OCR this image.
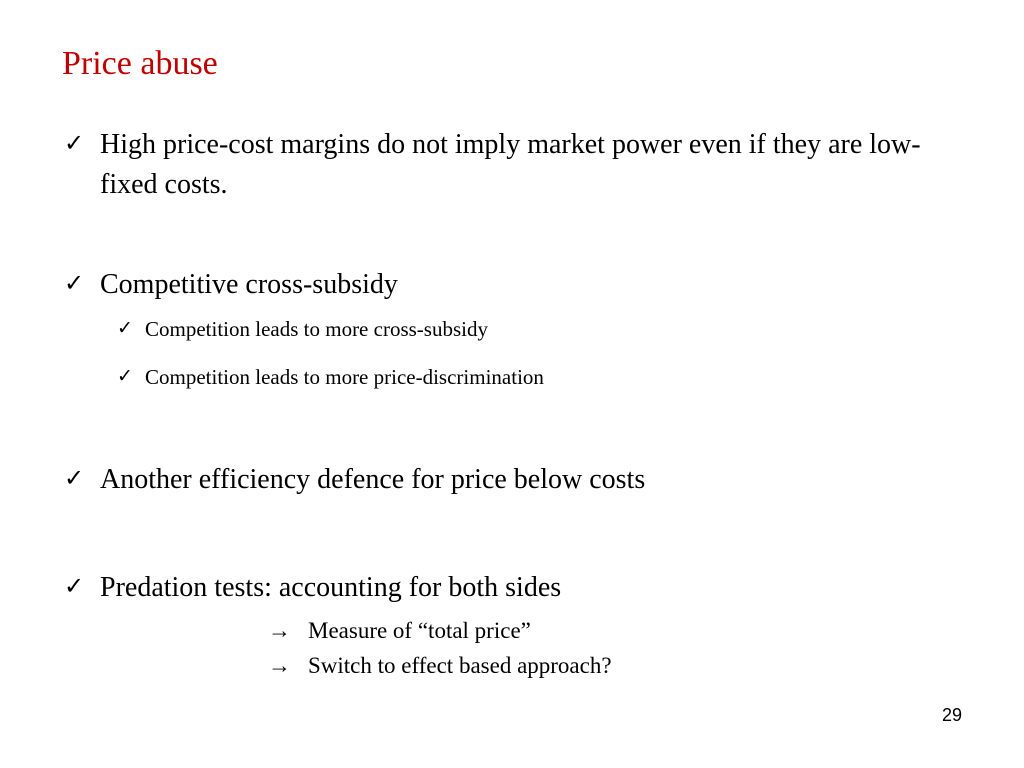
Price abuse

✓ High price-cost margins do not imply market power even if they are low-fixed costs.

✓ Competitive cross-subsidy

✓ Competition leads to more cross-subsidy

✓ Competition leads to more price-discrimination

✓ Another efficiency defence for price below costs

✓ Predation tests: accounting for both sides

→ Measure of “total price”

→ Switch to effect based approach?

29
